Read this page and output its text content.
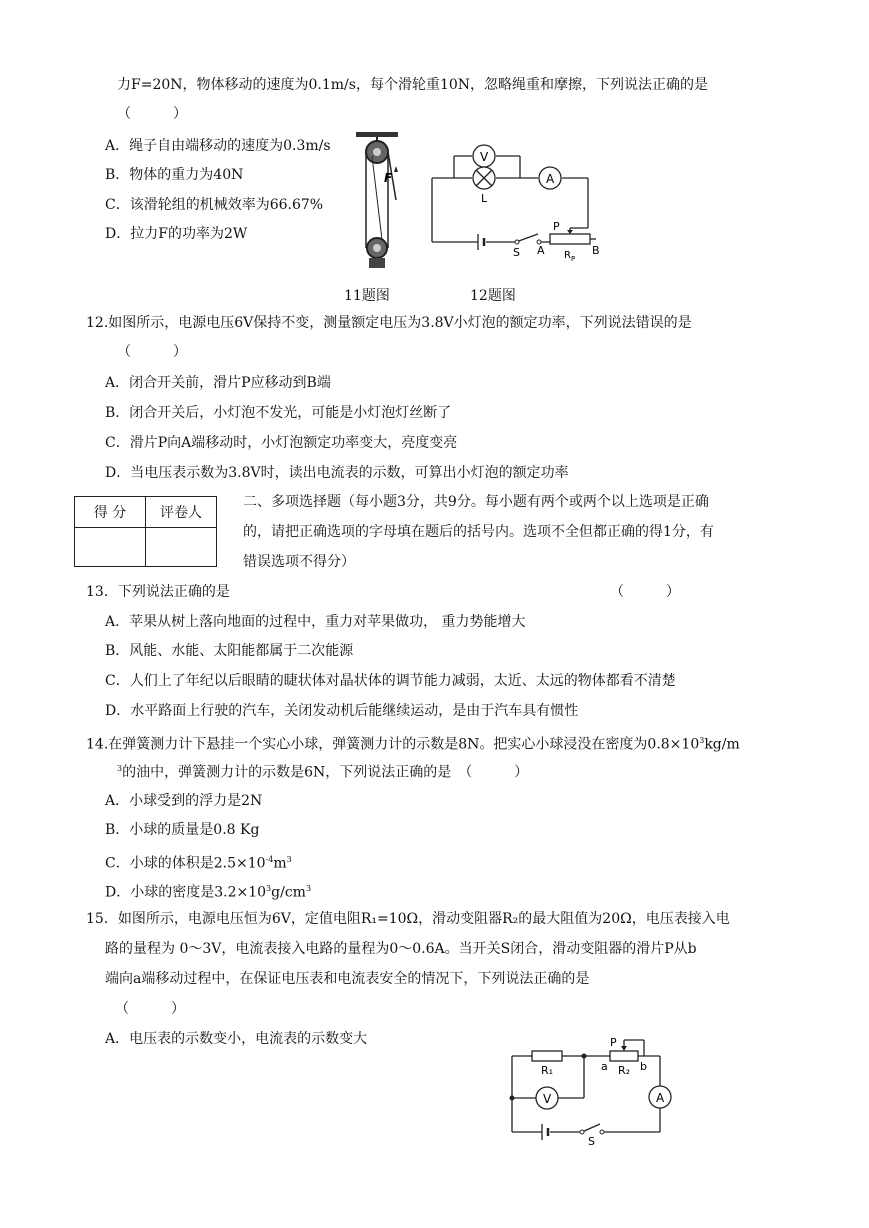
力F=20N，物体移动的速度为0.1m/s，每个滑轮重10N，忽略绳重和摩擦，下列说法正确的是
（　　　）
A．绳子自由端移动的速度为0.3m/s
B．物体的重力为40N
C．该滑轮组的机械效率为66.67%
D．拉力F的功率为2W
F
V
L
A
S
P
A	B
$R_P$
11题图	12题图
12.如图所示，电源电压6V保持不变，测量额定电压为3.8V小灯泡的额定功率，下列说法错误的是
（　　　）
A．闭合开关前，滑片P应移动到B端
B．闭合开关后，小灯泡不发光，可能是小灯泡灯丝断了
C．滑片P向A端移动时，小灯泡额定功率变大，亮度变亮
D．当电压表示数为3.8V时，读出电流表的示数，可算出小灯泡的额定功率
得 分	评卷人

二、多项选择题（每小题3分，共9分。每小题有两个或两个以上选项是正确
的，请把正确选项的字母填在题后的括号内。选项不全但都正确的得1分，有
错误选项不得分）
13．下列说法正确的是	（　　　）
A．苹果从树上落向地面的过程中，重力对苹果做功， 重力势能增大
B．风能、水能、太阳能都属于二次能源
C．人们上了年纪以后眼睛的睫状体对晶状体的调节能力减弱，太近、太远的物体都看不清楚
D．水平路面上行驶的汽车，关闭发动机后能继续运动，是由于汽车具有惯性
14.在弹簧测力计下悬挂一个实心小球，弹簧测力计的示数是8N。把实心小球浸没在密度为$0.8\times 10^3kg/m$
$^3$的油中，弹簧测力计的示数是6N，下列说法正确的是　（　　　）
A．小球受到的浮力是2N
B．小球的质量是0.8 Kg
C．小球的体积是$2.5\times 10^{-4}m^3$
D．小球的密度是$3.2\times 10^3g/cm^3$
15．如图所示，电源电压恒为6V，定值电阻R₁=10Ω，滑动变阻器R₂的最大阻值为20Ω，电压表接入电
路的量程为 0～3V，电流表接入电路的量程为0～0.6A。当开关S闭合，滑动变阻器的滑片P从b
端向a端移动过程中，在保证电压表和电流表安全的情况下，下列说法正确的是
（　　　）
A．电压表的示数变小，电流表的示数变大
R₁
P
a R₂ b
V	A
S
